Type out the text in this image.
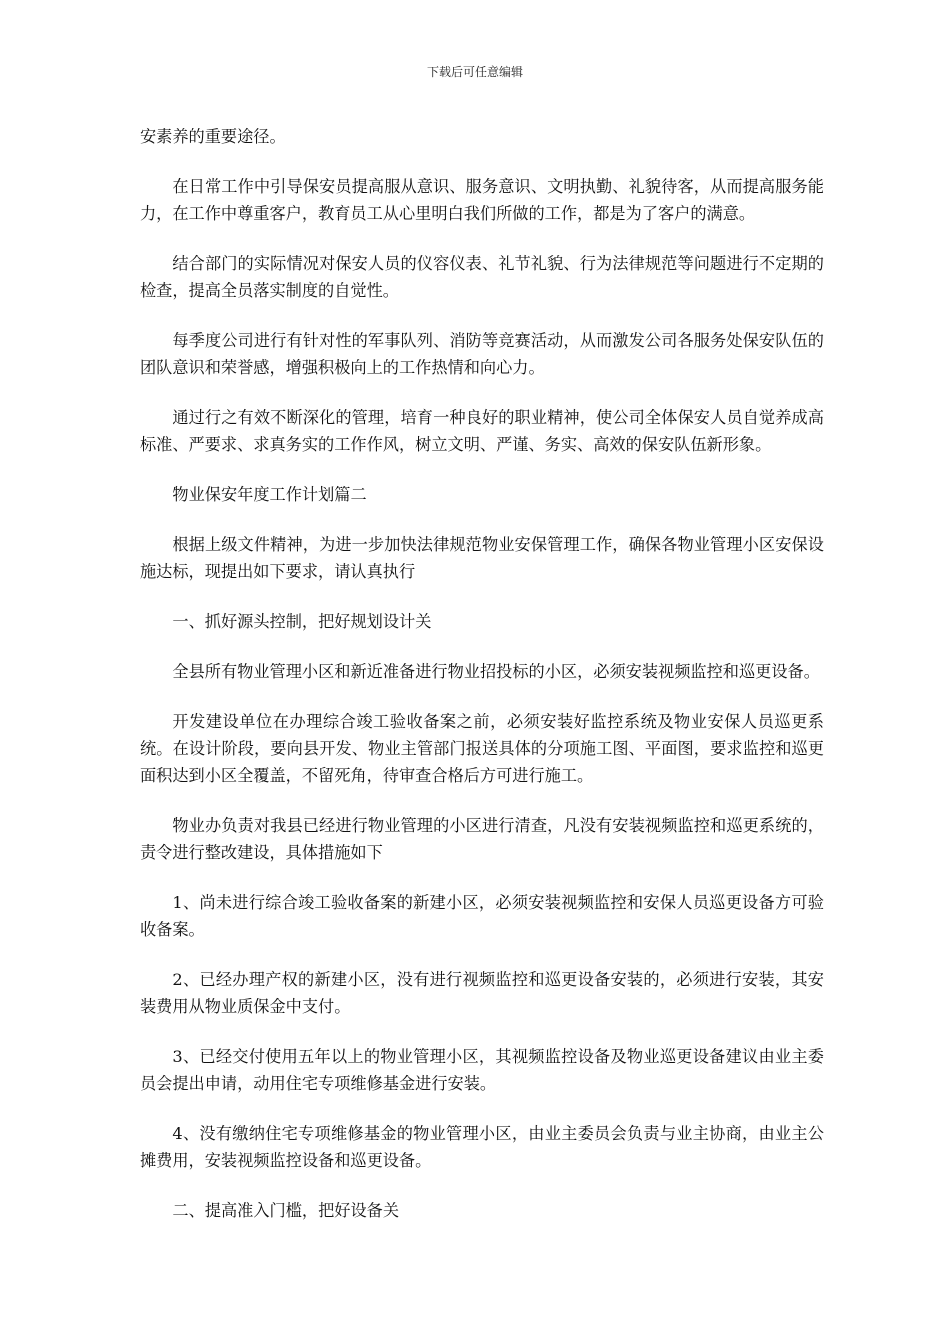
下载后可任意编辑

安素养的重要途径。

在日常工作中引导保安员提高服从意识、服务意识、文明执勤、礼貌待客，从而提高服务能力，在工作中尊重客户，教育员工从心里明白我们所做的工作，都是为了客户的满意。

结合部门的实际情况对保安人员的仪容仪表、礼节礼貌、行为法律规范等问题进行不定期的检查，提高全员落实制度的自觉性。

每季度公司进行有针对性的军事队列、消防等竞赛活动，从而激发公司各服务处保安队伍的团队意识和荣誉感，增强积极向上的工作热情和向心力。

通过行之有效不断深化的管理，培育一种良好的职业精神，使公司全体保安人员自觉养成高标准、严要求、求真务实的工作作风，树立文明、严谨、务实、高效的保安队伍新形象。

物业保安年度工作计划篇二

根据上级文件精神，为进一步加快法律规范物业安保管理工作，确保各物业管理小区安保设施达标，现提出如下要求，请认真执行

一、抓好源头控制，把好规划设计关

全县所有物业管理小区和新近准备进行物业招投标的小区，必须安装视频监控和巡更设备。

开发建设单位在办理综合竣工验收备案之前，必须安装好监控系统及物业安保人员巡更系统。在设计阶段，要向县开发、物业主管部门报送具体的分项施工图、平面图，要求监控和巡更面积达到小区全覆盖，不留死角，待审查合格后方可进行施工。

物业办负责对我县已经进行物业管理的小区进行清查，凡没有安装视频监控和巡更系统的，责令进行整改建设，具体措施如下

1、尚未进行综合竣工验收备案的新建小区，必须安装视频监控和安保人员巡更设备方可验收备案。

2、已经办理产权的新建小区，没有进行视频监控和巡更设备安装的，必须进行安装，其安装费用从物业质保金中支付。

3、已经交付使用五年以上的物业管理小区，其视频监控设备及物业巡更设备建议由业主委员会提出申请，动用住宅专项维修基金进行安装。

4、没有缴纳住宅专项维修基金的物业管理小区，由业主委员会负责与业主协商，由业主公摊费用，安装视频监控设备和巡更设备。

二、提高准入门槛，把好设备关
